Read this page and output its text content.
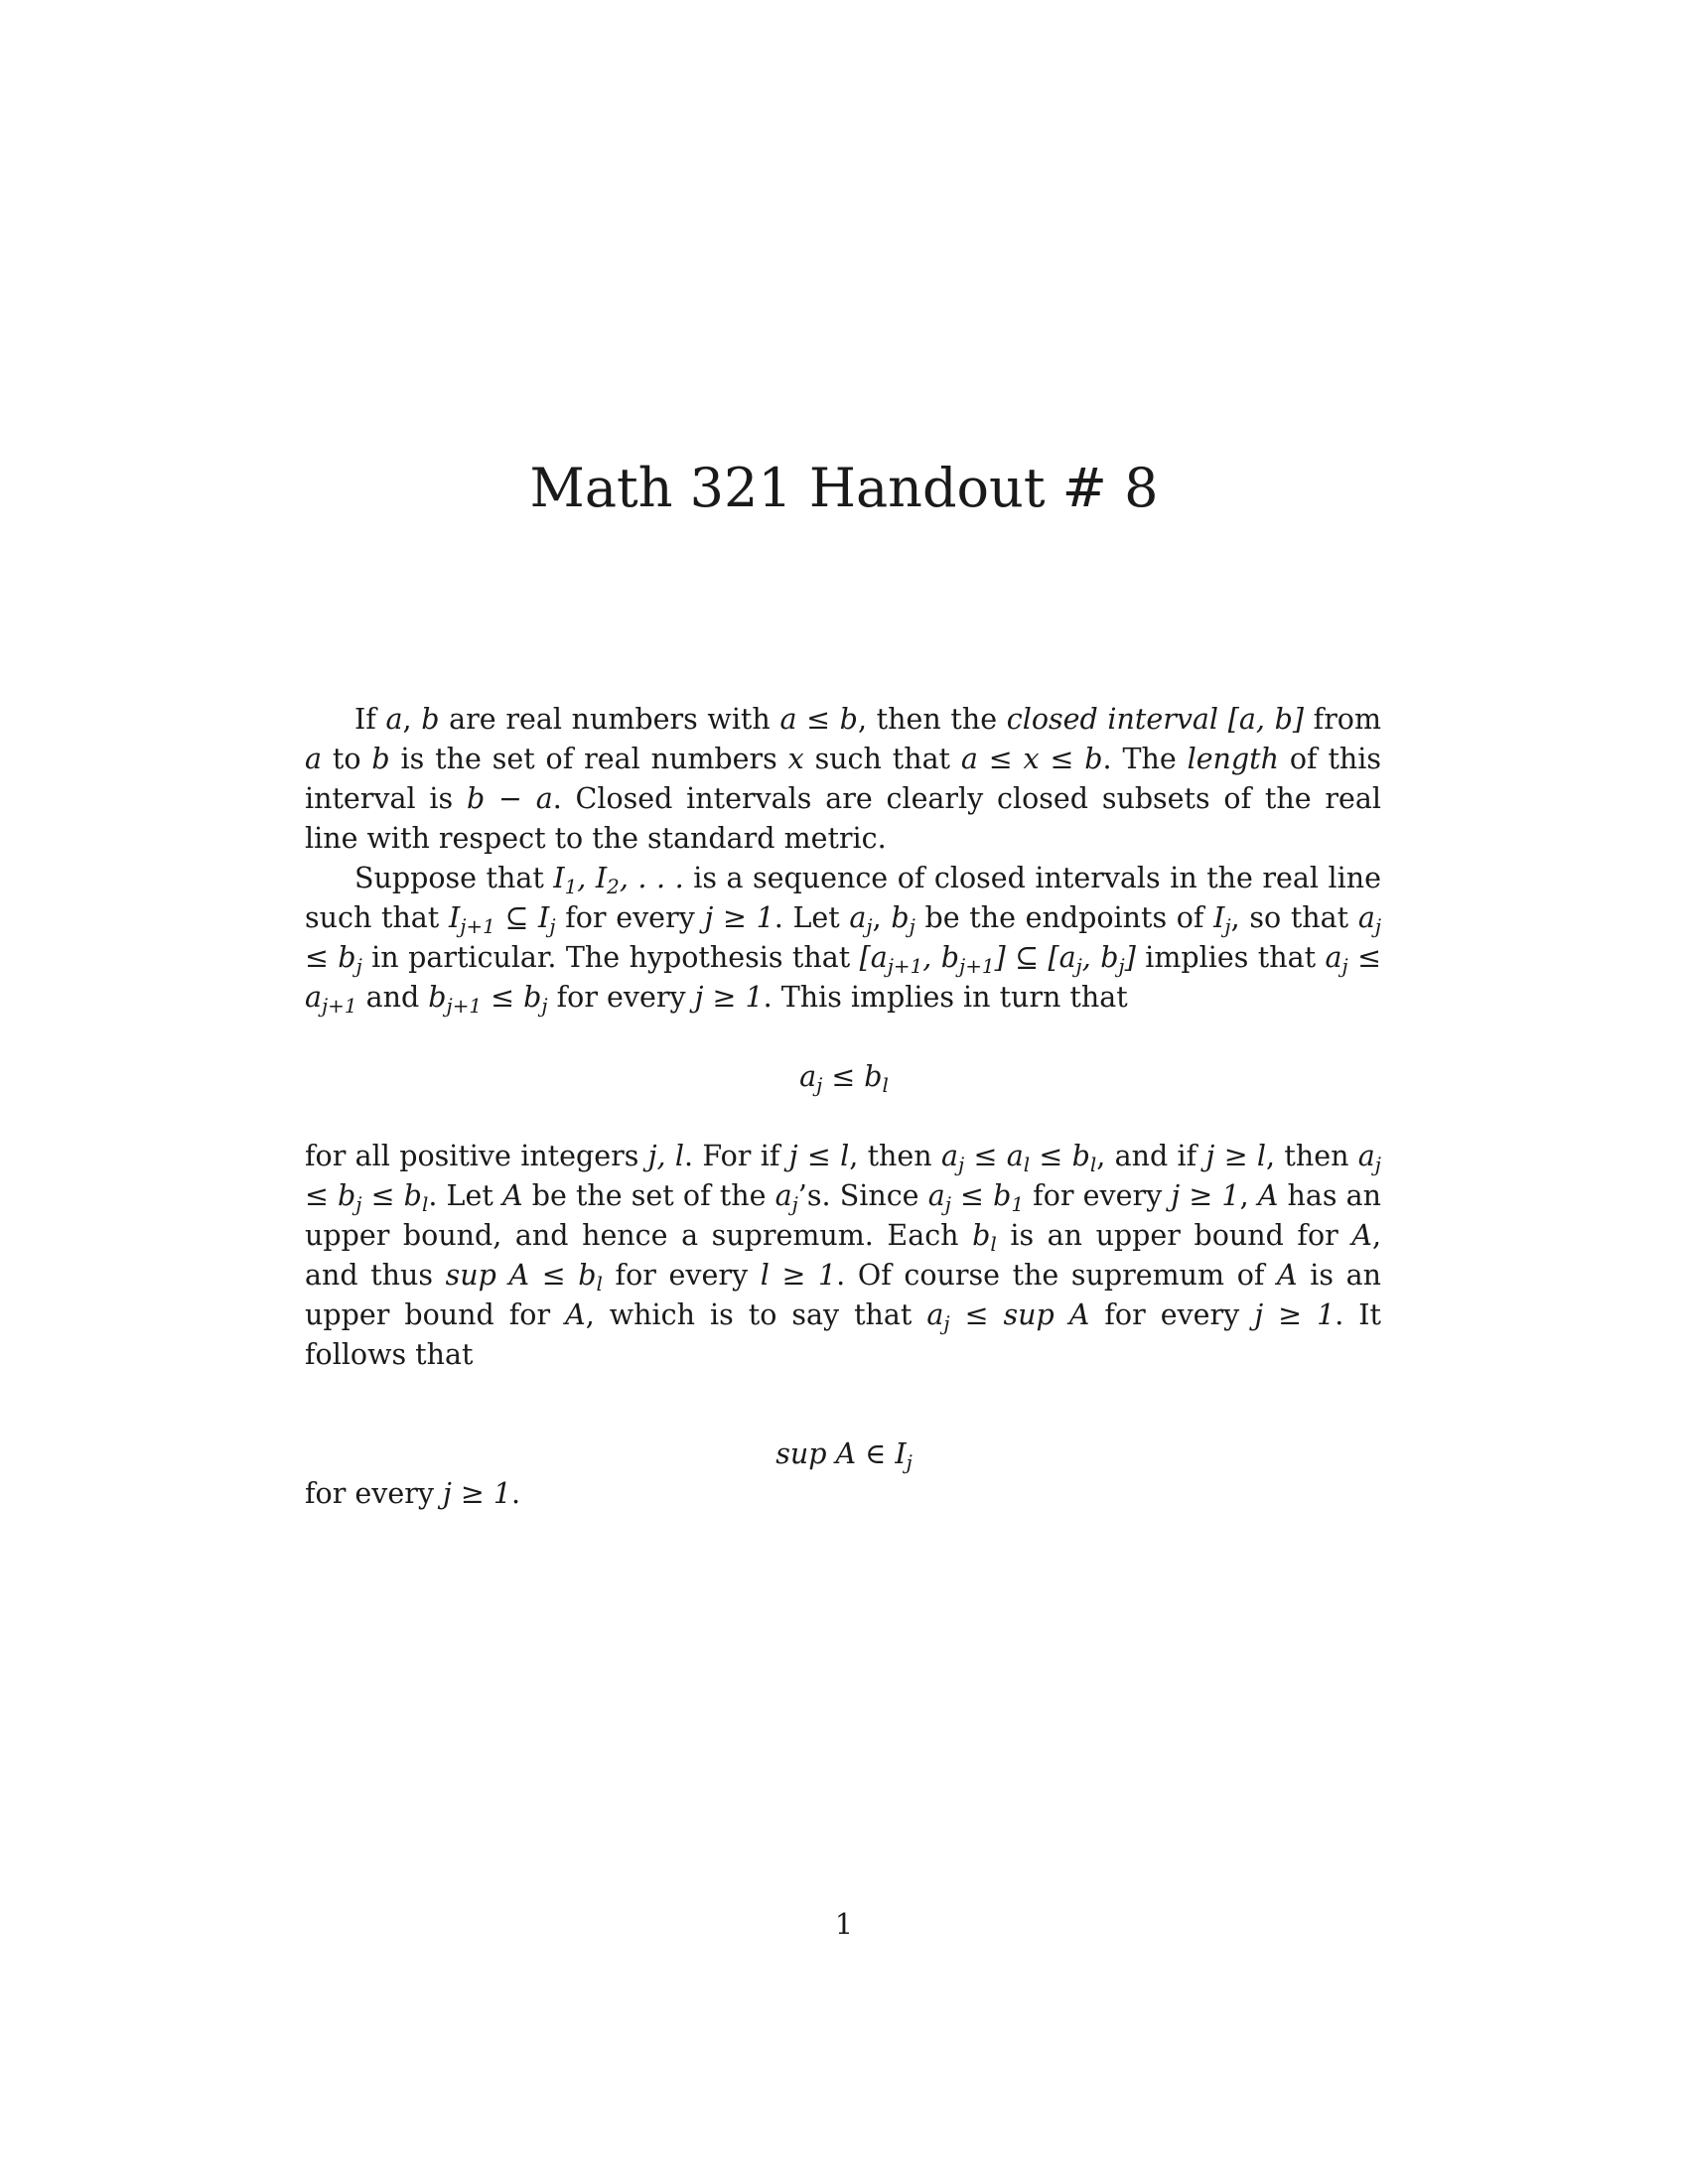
Math 321 Handout # 8

If a, b are real numbers with a ≤ b, then the closed interval [a, b] from a to b is the set of real numbers x such that a ≤ x ≤ b. The length of this interval is b − a. Closed intervals are clearly closed subsets of the real line with respect to the standard metric.

Suppose that $I_1$, $I_2$, . . . is a sequence of closed intervals in the real line such that $I_{j+1}$ ⊆ $I_j$ for every j ≥ 1. Let $a_j$, $b_j$ be the endpoints of $I_j$, so that $a_j \le b_j$ in particular. The hypothesis that [$a_{j+1}$, $b_{j+1}$] ⊆ [$a_j$, $b_j$] implies that $a_j \le a_{j+1}$ and $b_{j+1} \le b_j$ for every j ≥ 1. This implies in turn that

$a_j \le b_l$

for all positive integers j, l. For if j ≤ l, then $a_j \le a_l \le b_l$, and if j ≥ l, then $a_j \le b_j \le b_l$. Let A be the set of the $a_j’s$. Since $a_j \le b_1$ for every j ≥ 1, A has an upper bound, and hence a supremum. Each $b_l$ is an upper bound for A, and thus sup $A \le b_l$ for every l ≥ 1. Of course the supremum of A is an upper bound for A, which is to say that $a_j$ ≤ sup A for every j ≥ 1. It follows that

sup A ∈ $I_j$

for every j ≥ 1.

1
